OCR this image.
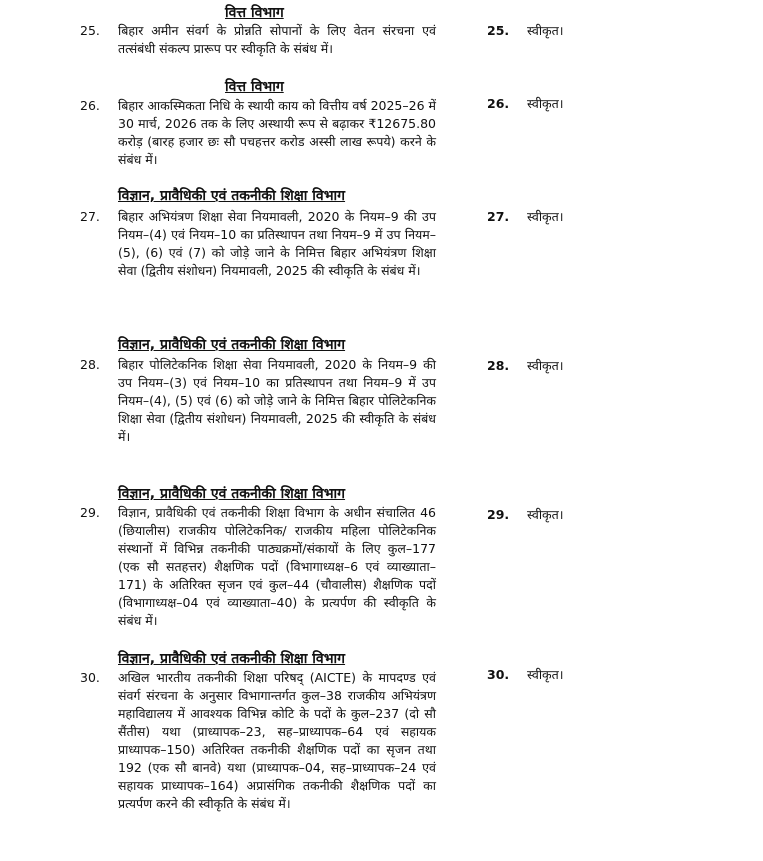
वित्त विभाग
25. बिहार अमीन संवर्ग के प्रोन्नति सोपानों के लिए वेतन संरचना एवं तत्संबंधी संकल्प प्रारूप पर स्वीकृति के संबंध में।
25. स्वीकृत।
वित्त विभाग
26. बिहार आकस्मिकता निधि के स्थायी काय को वित्तीय वर्ष 2025–26 में 30 मार्च, 2026 तक के लिए अस्थायी रूप से बढ़ाकर ₹12675.80 करोड़ (बारह हजार छः सौ पचहत्तर करोड अस्सी लाख रूपये) करने के संबंध में।
26. स्वीकृत।
विज्ञान, प्रावैधिकी एवं तकनीकी शिक्षा विभाग
27. बिहार अभियंत्रण शिक्षा सेवा नियमावली, 2020 के नियम–9 की उप नियम–(4) एवं नियम–10 का प्रतिस्थापन तथा नियम–9 में उप नियम–(5), (6) एवं (7) को जोड़े जाने के निमित्त बिहार अभियंत्रण शिक्षा सेवा (द्वितीय संशोधन) नियमावली, 2025 की स्वीकृति के संबंध में।
27. स्वीकृत।
विज्ञान, प्रावैधिकी एवं तकनीकी शिक्षा विभाग
28. बिहार पोलिटेकनिक शिक्षा सेवा नियमावली, 2020 के नियम–9 की उप नियम–(3) एवं नियम–10 का प्रतिस्थापन तथा नियम–9 में उप नियम–(4), (5) एवं (6) को जोड़े जाने के निमित्त बिहार पोलिटेकनिक शिक्षा सेवा (द्वितीय संशोधन) नियमावली, 2025 की स्वीकृति के संबंध में।
28. स्वीकृत।
विज्ञान, प्रावैधिकी एवं तकनीकी शिक्षा विभाग
29. विज्ञान, प्रावैधिकी एवं तकनीकी शिक्षा विभाग के अधीन संचालित 46 (छियालीस) राजकीय पोलिटेकनिक/ राजकीय महिला पोलिटेकनिक संस्थानों में विभिन्न तकनीकी पाठ्यक्रमों/संकायों के लिए कुल–177 (एक सौ सतहत्तर) शैक्षणिक पदों (विभागाध्यक्ष–6 एवं व्याख्याता–171) के अतिरिक्त सृजन एवं कुल–44 (चौवालीस) शैक्षणिक पदों (विभागाध्यक्ष–04 एवं व्याख्याता–40) के प्रत्यर्पण की स्वीकृति के संबंध में।
29. स्वीकृत।
विज्ञान, प्रावैधिकी एवं तकनीकी शिक्षा विभाग
30. अखिल भारतीय तकनीकी शिक्षा परिषद् (AICTE) के मापदण्ड एवं संवर्ग संरचना के अनुसार विभागान्तर्गत कुल–38 राजकीय अभियंत्रण महाविद्यालय में आवश्यक विभिन्न कोटि के पदों के कुल–237 (दो सौ सैंतीस) यथा (प्राध्यापक–23, सह–प्राध्यापक–64 एवं सहायक प्राध्यापक–150) अतिरिक्त तकनीकी शैक्षणिक पदों का सृजन तथा 192 (एक सौ बानवे) यथा (प्राध्यापक–04, सह–प्राध्यापक–24 एवं सहायक प्राध्यापक–164) अप्रासंगिक तकनीकी शैक्षणिक पदों का प्रत्यर्पण करने की स्वीकृति के संबंध में।
30. स्वीकृत।
